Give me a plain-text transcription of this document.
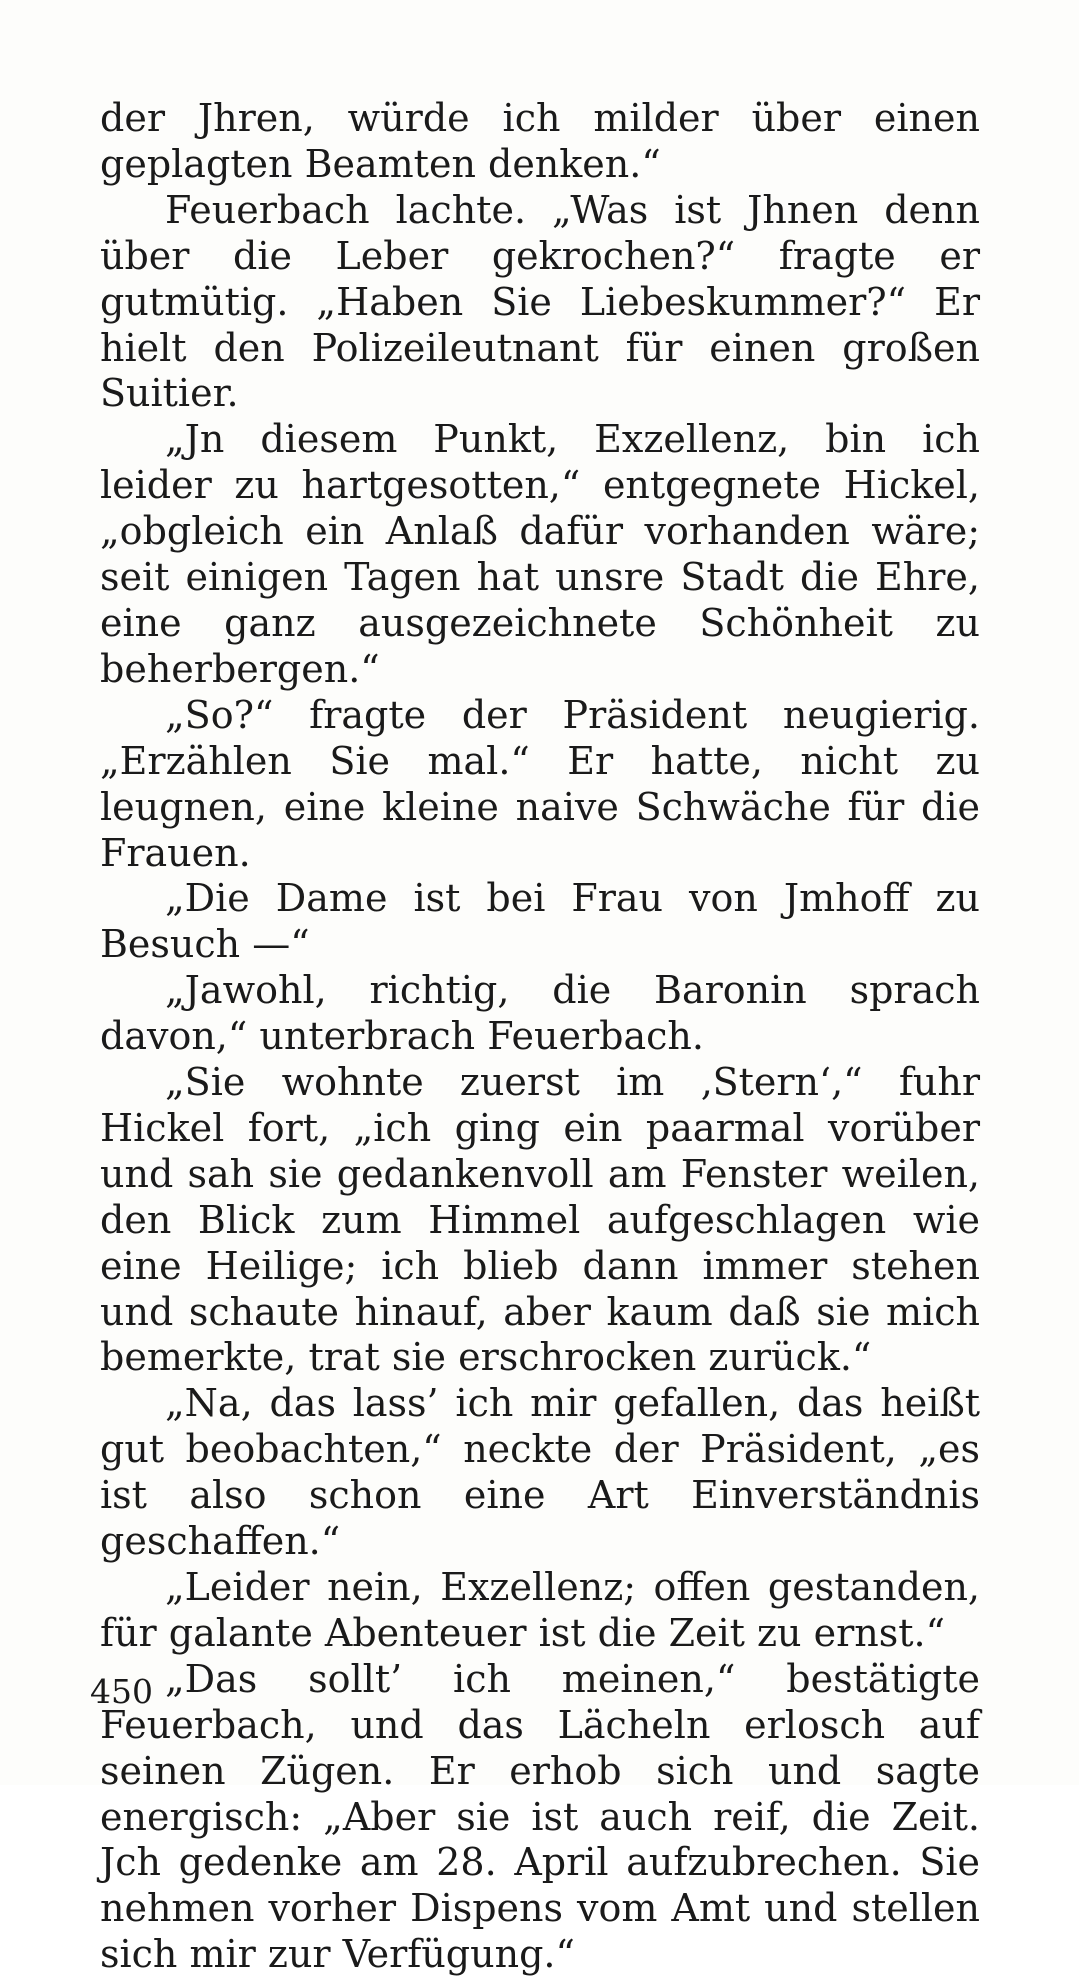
der Jhren, würde ich milder über einen geplagten Beamten denken.“

Feuerbach lachte. „Was ist Jhnen denn über die Leber gekrochen?“ fragte er gutmütig. „Haben Sie Liebeskummer?“ Er hielt den Polizeileutnant für einen großen Suitier.

„Jn diesem Punkt, Exzellenz, bin ich leider zu hartgesotten,“ entgegnete Hickel, „obgleich ein Anlaß dafür vorhanden wäre; seit einigen Tagen hat unsre Stadt die Ehre, eine ganz ausgezeichnete Schönheit zu beherbergen.“

„So?“ fragte der Präsident neugierig. „Erzählen Sie mal.“ Er hatte, nicht zu leugnen, eine kleine naive Schwäche für die Frauen.

„Die Dame ist bei Frau von Jmhoff zu Besuch —“

„Jawohl, richtig, die Baronin sprach davon,“ unterbrach Feuerbach.

„Sie wohnte zuerst im ‚Stern‘,“ fuhr Hickel fort, „ich ging ein paarmal vorüber und sah sie gedankenvoll am Fenster weilen, den Blick zum Himmel aufgeschlagen wie eine Heilige; ich blieb dann immer stehen und schaute hinauf, aber kaum daß sie mich bemerkte, trat sie erschrocken zurück.“

„Na, das lass’ ich mir gefallen, das heißt gut beobachten,“ neckte der Präsident, „es ist also schon eine Art Einverständnis geschaffen.“

„Leider nein, Exzellenz; offen gestanden, für galante Abenteuer ist die Zeit zu ernst.“

„Das sollt’ ich meinen,“ bestätigte Feuerbach, und das Lächeln erlosch auf seinen Zügen. Er erhob sich und sagte energisch: „Aber sie ist auch reif, die Zeit. Jch gedenke am 28. April aufzubrechen. Sie nehmen vorher Dispens vom Amt und stellen sich mir zur Verfügung.“

450
